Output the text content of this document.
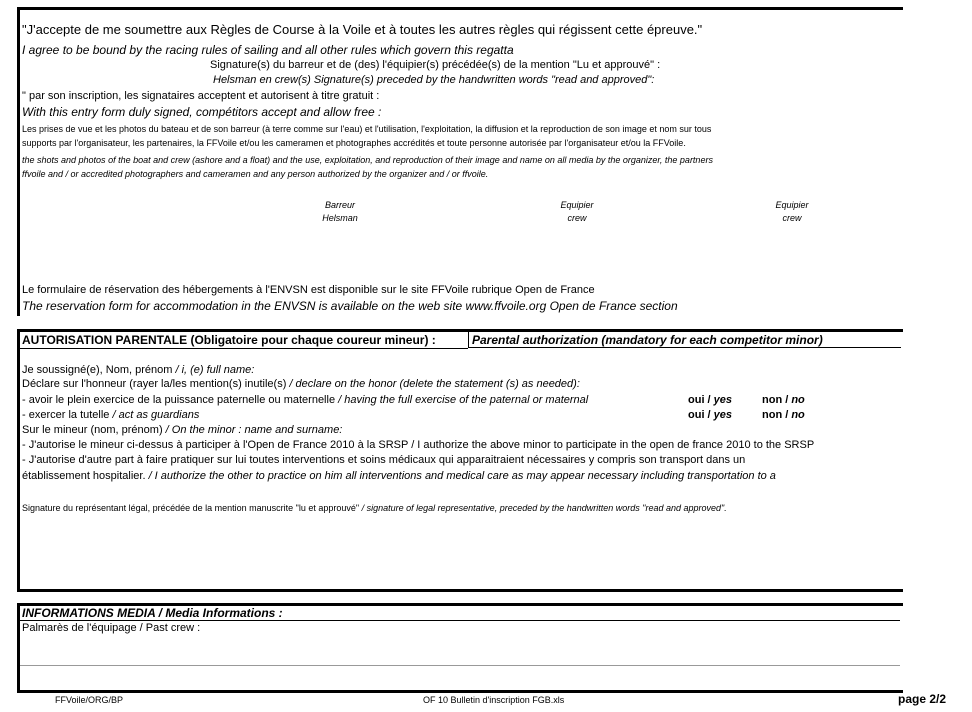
"J'accepte de me soumettre aux Règles de Course à la Voile et à toutes les autres règles qui régissent cette épreuve."
I agree to be bound by the racing rules of sailing and all other rules which govern this regatta
Signature(s) du barreur et de (des) l'équipier(s) précédée(s) de la mention "Lu et approuvé" :
Helsman en crew(s) Signature(s) preceded by the handwritten words "read and approved":
" par son inscription, les signataires acceptent et autorisent à titre gratuit :
With this entry form duly signed, compétitors accept and allow free :
Les prises de vue et les photos du bateau et de son barreur (à terre comme sur l'eau) et l'utilisation, l'exploitation, la diffusion et la reproduction de son image et nom sur tous
supports par l'organisateur, les partenaires, la FFVoile et/ou les cameramen et photographes accrédités et toute personne autorisée par l'organisateur et/ou la FFVoile.
the shots and photos of the boat and crew (ashore and a float) and the use, exploitation, and reproduction of their image and name on all media by the organizer, the partners
ffvoile and / or accredited photographers and cameramen and any person authorized by the organizer and / or ffvoile.
Barreur
Helsman
Equipier
crew
Equipier
crew
Le formulaire de réservation des hébergements à l'ENVSN est disponible sur le site FFVoile rubrique Open de France
The reservation form for accommodation in the ENVSN is available on the web site www.ffvoile.org Open de France section
AUTORISATION PARENTALE (Obligatoire pour chaque coureur mineur) :	Parental authorization (mandatory for each competitor minor)
Je soussigné(e), Nom, prénom / i, (e) full name:
Déclare sur l'honneur (rayer la/les mention(s) inutile(s) / declare on the honor (delete the statement (s) as needed):
- avoir le plein exercice de la puissance paternelle ou maternelle / having the full exercise of the paternal or maternal	oui / yes	non / no
- exercer la tutelle / act as guardians	oui / yes	non / no
Sur le mineur (nom, prénom) / On the minor : name and surname:
- J'autorise le mineur ci-dessus à participer à l'Open de France 2010 à la SRSP / I authorize the above minor to participate in the open de france 2010 to the SRSP
- J'autorise d'autre part à faire pratiquer sur lui toutes interventions et soins médicaux qui apparaitraient nécessaires y compris son transport dans un
établissement hospitalier. / I authorize the other to practice on him all interventions and medical care as may appear necessary including transportation to a
Signature du représentant légal, précédée de la mention manuscrite "lu et approuvé" / signature of legal representative, preceded by the handwritten words "read and approved".
INFORMATIONS MEDIA / Media Informations :
Palmarès de l'équipage / Past crew :
FFVoile/ORG/BP	OF 10 Bulletin d'inscription FGB.xls	page 2/2
